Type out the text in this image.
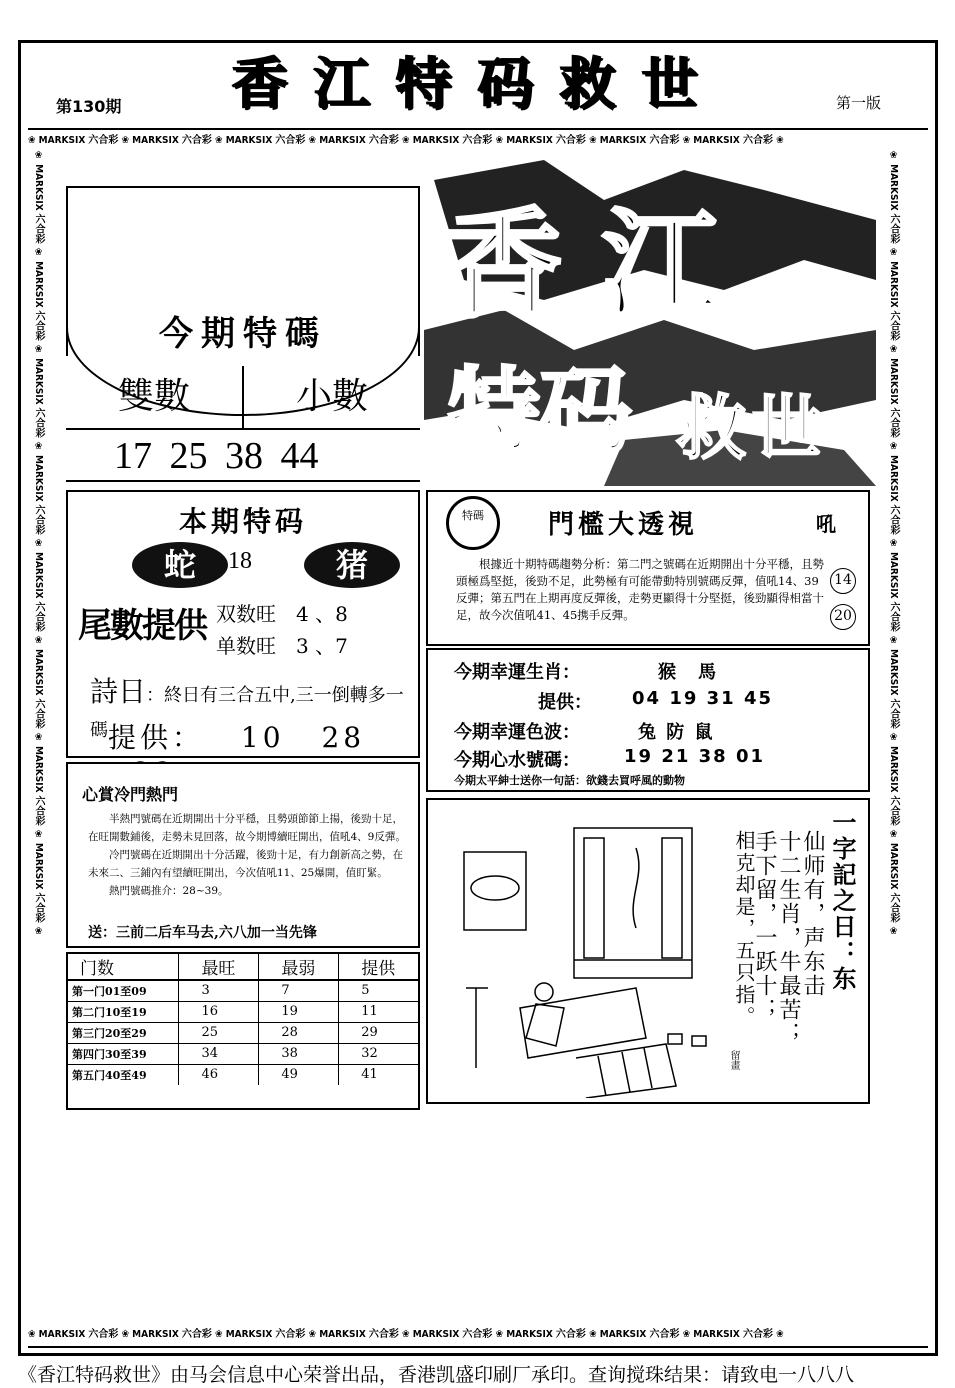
香江特码救世
第130期	第一版
❀ MARKSIX 六合彩 ❀ MARKSIX 六合彩 ❀ MARKSIX 六合彩 ❀ MARKSIX 六合彩 ❀ MARKSIX 六合彩 ❀ MARKSIX 六合彩 ❀ MARKSIX 六合彩 ❀ MARKSIX 六合彩 ❀
❀ MARKSIX 六合彩 ❀ MARKSIX 六合彩 ❀ MARKSIX 六合彩 ❀ MARKSIX 六合彩 ❀ MARKSIX 六合彩 ❀ MARKSIX 六合彩 ❀ MARKSIX 六合彩 ❀ MARKSIX 六合彩 ❀
❀ MARKSIX 六合彩 ❀ MARKSIX 六合彩 ❀ MARKSIX 六合彩 ❀ MARKSIX 六合彩 ❀ MARKSIX 六合彩 ❀ MARKSIX 六合彩 ❀ MARKSIX 六合彩 ❀ MARKSIX 六合彩 ❀	❀ MARKSIX 六合彩 ❀ MARKSIX 六合彩 ❀ MARKSIX 六合彩 ❀ MARKSIX 六合彩 ❀ MARKSIX 六合彩 ❀ MARKSIX 六合彩 ❀ MARKSIX 六合彩 ❀ MARKSIX 六合彩 ❀
今期特碼
雙數	小數
17 25 38 44
香江
特码 救世
本期特码
蛇	18	猪
尾數提供 双数旺　4 、8
单数旺　3 、7
詩日：終日有三合五中,三一倒轉多一碼 提供： 10 28
特碼	門檻大透視	吼
根據近十期特碼趨勢分析：第二門之號碼在近期開出十分平穩，且勢頭極爲堅挺，後勁不足，此勢極有可能帶動特別號碼反彈，值吼14、39反彈；第五門在上期再度反彈後，走勢更顯得十分堅挺，後勁顯得相當十足，故今次值吼41、45携手反彈。
14
20
今期幸運生肖：	猴　馬
提供： 04 19 31 45
今期幸運色波：	兔 防 鼠
今期心水號碼： 19 21 38 01
今期太平紳士送你一句話：欲錢去買呼風的動物
心賞冷門熱門

半熱門號碼在近期開出十分平穩，且勢頭節節上揚，後勁十足，在旺開數鋪後，走勢未見回落，故今期博續旺開出，值吼4、9反彈。

冷門號碼在近期開出十分活躍，後勁十足，有力創新高之勢，在未來二、三鋪內有望續旺開出，今次值吼11、25爆開，值盯緊。

熱門號碼推介：28~39。

送：三前二后车马去,六八加一当先锋
门数	最旺	最弱	提供
第一门01至09	3	7	5
第二门10至19	16	19	11
第三门20至29	25	28	29
第四门30至39	34	38	32
第五门40至49	46	49	41
留畫
一字記之日：东
仙师有，声东击
十二生肖，牛最苦；
手下留，一跃十；
相克却是，五只指。
《香江特码救世》由马会信息中心荣誉出品，香港凯盛印刷厂承印。查询搅珠结果：请致电一八八八
